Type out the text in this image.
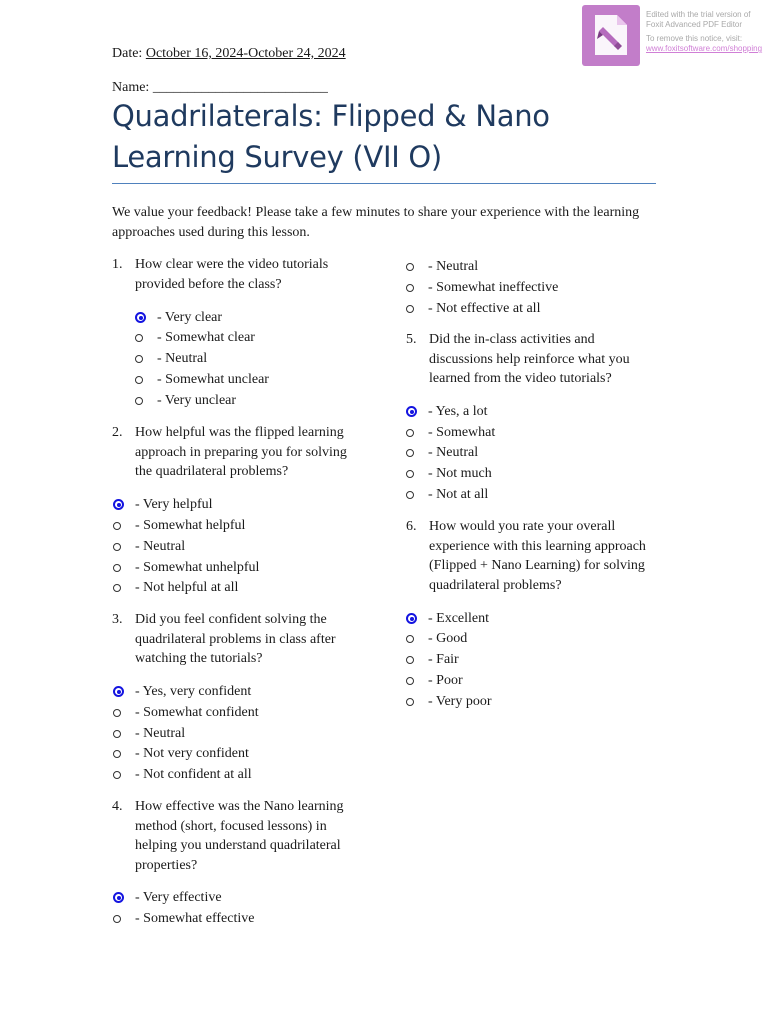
Date: October 16, 2024-October 24, 2024
Name: _________________________
Quadrilaterals: Flipped & Nano Learning Survey (VII O)
We value your feedback! Please take a few minutes to share your experience with the learning approaches used during this lesson.
1. How clear were the video tutorials provided before the class?
- Very clear
- Somewhat clear
- Neutral
- Somewhat unclear
- Very unclear
2. How helpful was the flipped learning approach in preparing you for solving the quadrilateral problems?
- Very helpful
- Somewhat helpful
- Neutral
- Somewhat unhelpful
- Not helpful at all
3. Did you feel confident solving the quadrilateral problems in class after watching the tutorials?
- Yes, very confident
- Somewhat confident
- Neutral
- Not very confident
- Not confident at all
4. How effective was the Nano learning method (short, focused lessons) in helping you understand quadrilateral properties?
- Very effective
- Somewhat effective
- Neutral
- Somewhat ineffective
- Not effective at all
5. Did the in-class activities and discussions help reinforce what you learned from the video tutorials?
- Yes, a lot
- Somewhat
- Neutral
- Not much
- Not at all
6. How would you rate your overall experience with this learning approach (Flipped + Nano Learning) for solving quadrilateral problems?
- Excellent
- Good
- Fair
- Poor
- Very poor
Edited with the trial version of
Foxit Advanced PDF Editor
To remove this notice, visit:
www.foxitsoftware.com/shopping
